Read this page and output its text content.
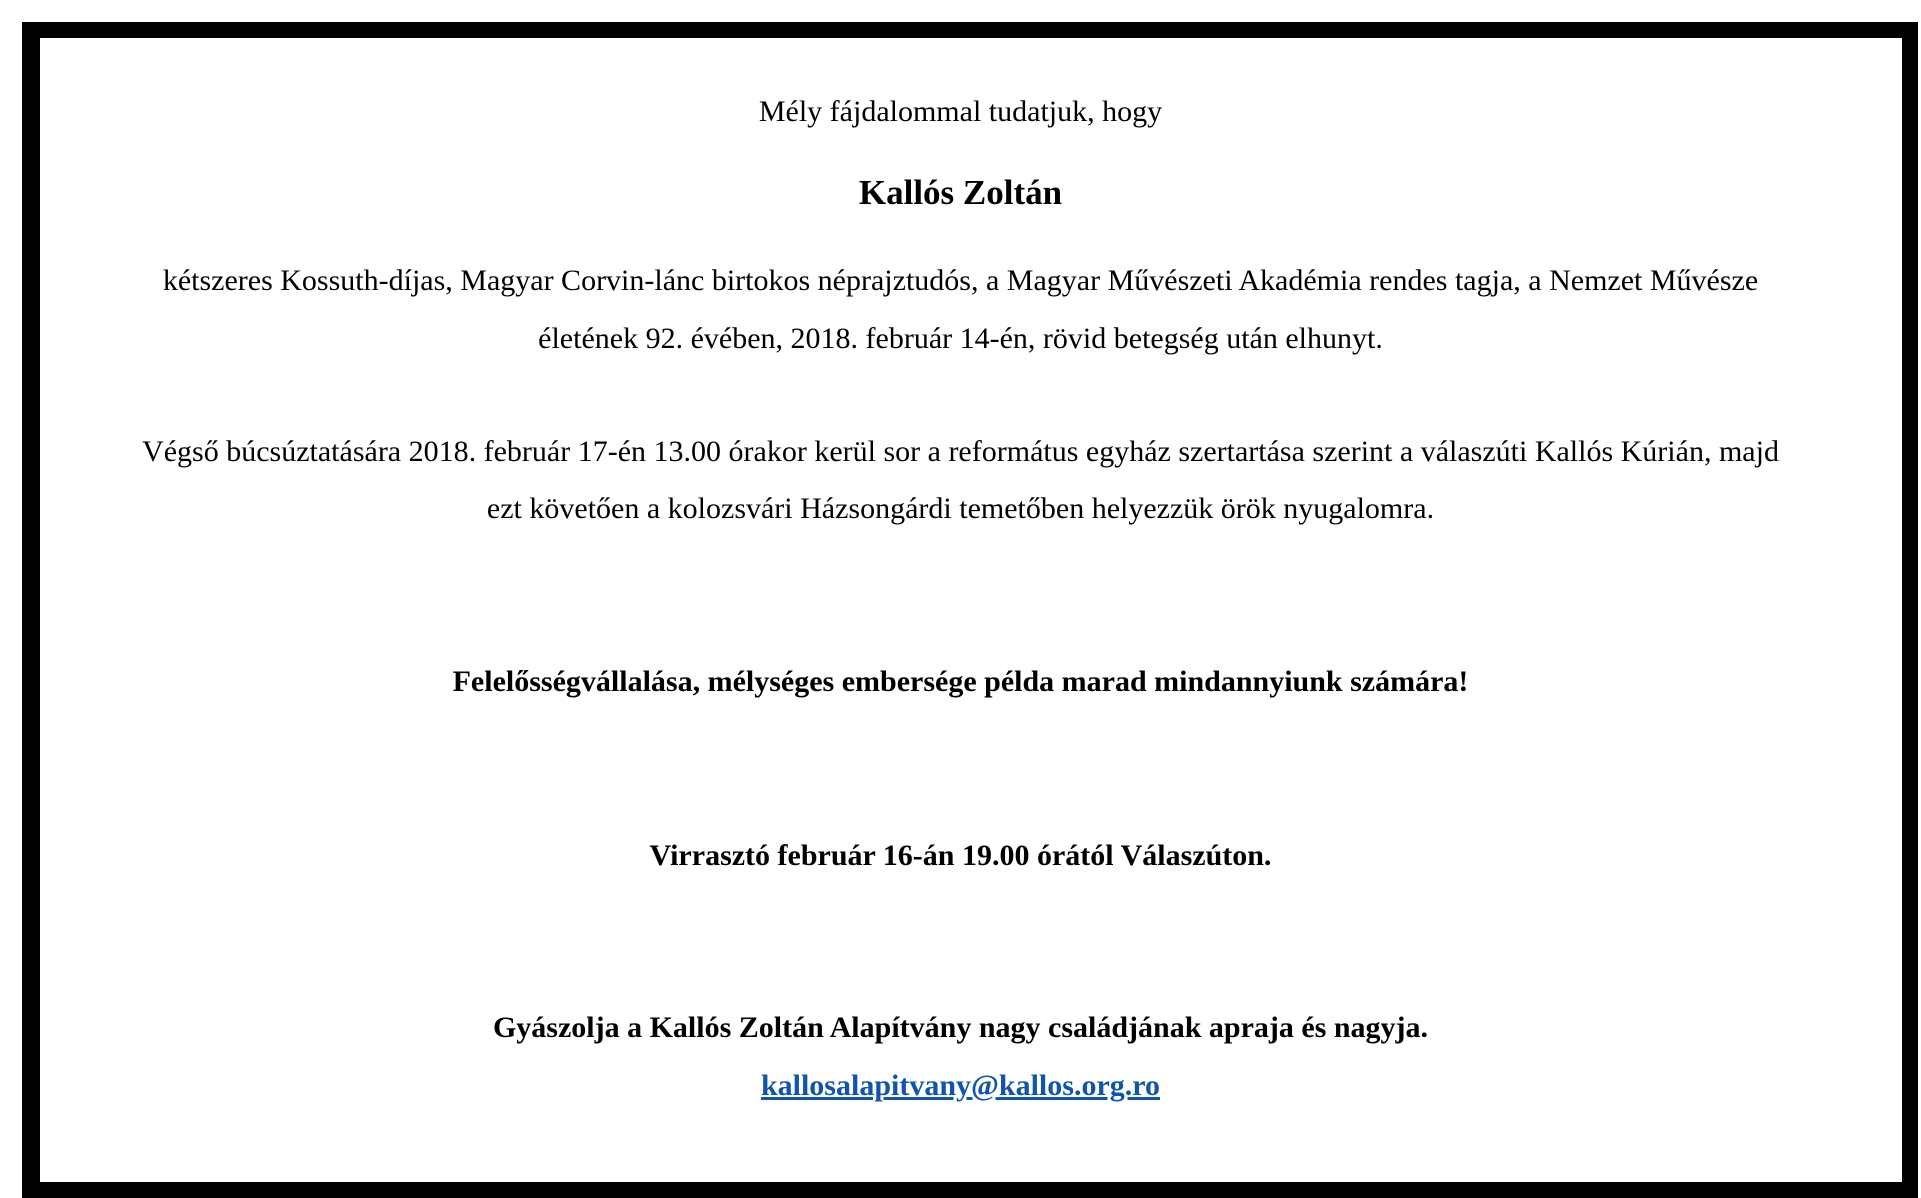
Mély fájdalommal tudatjuk, hogy
Kallós Zoltán
kétszeres Kossuth-díjas, Magyar Corvin-lánc birtokos néprajztudós, a Magyar Művészeti Akadémia rendes tagja, a Nemzet Művésze
életének 92. évében, 2018. február 14-én, rövid betegség után elhunyt.
Végső búcsúztatására 2018. február 17-én 13.00 órakor kerül sor a református egyház szertartása szerint a válaszúti Kallós Kúrián, majd
ezt követően a kolozsvári Házsongárdi temetőben helyezzük örök nyugalomra.
Felelősségvállalása, mélységes embersége példa marad mindannyiunk számára!
Virrasztó február 16-án 19.00 órától Válaszúton.
Gyászolja a Kallós Zoltán Alapítvány nagy családjának apraja és nagyja.
kallosalapitvany@kallos.org.ro
